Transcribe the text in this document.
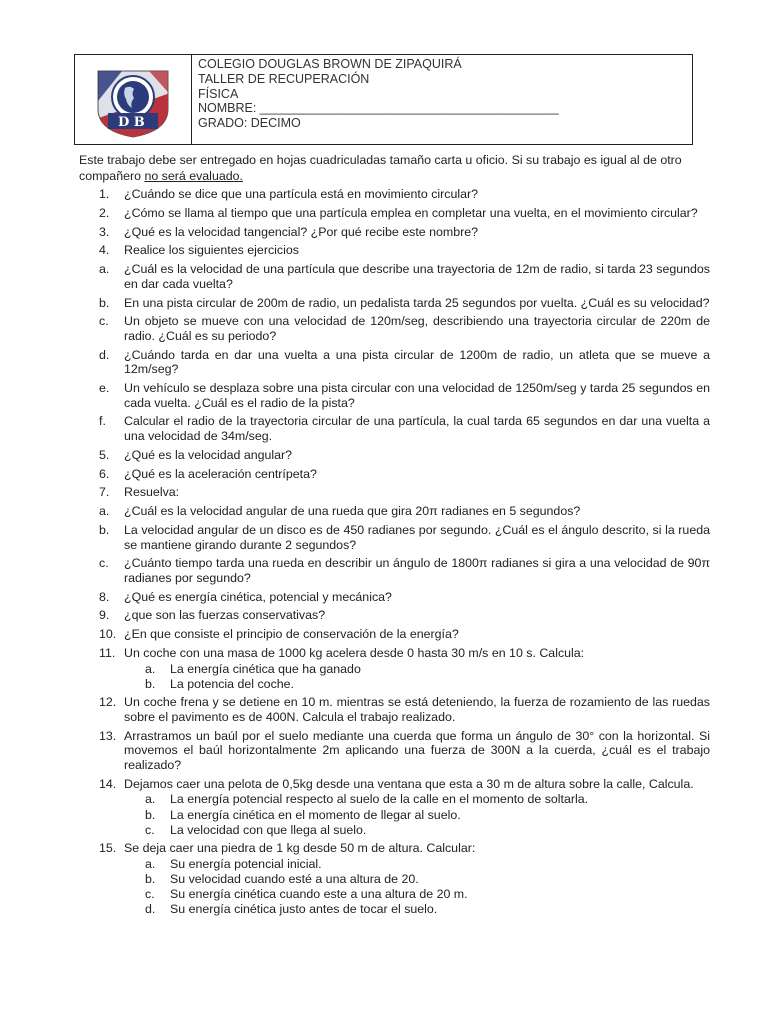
D B
COLEGIO DOUGLAS BROWN DE ZIPAQUIRÁ
TALLER DE RECUPERACIÓN
FÍSICA
NOMBRE: ___________________________________________
GRADO: DECIMO
Este trabajo debe ser entregado en hojas cuadriculadas tamaño carta u oficio. Si su trabajo es igual al de otro compañero no será evaluado.
1.	¿Cuándo se dice que una partícula está en movimiento circular?
2.	¿Cómo se llama al tiempo que una partícula emplea en completar una vuelta, en el movimiento circular?
3.	¿Qué es la velocidad tangencial? ¿Por qué recibe este nombre?
4.	Realice los siguientes ejercicios
a.	¿Cuál es la velocidad de una partícula que describe una trayectoria de 12m de radio, si tarda 23 segundos en dar cada vuelta?
b.	En una pista circular de 200m de radio, un pedalista tarda 25 segundos por vuelta. ¿Cuál es su velocidad?
c.	Un objeto se mueve con una velocidad de 120m/seg, describiendo una trayectoria circular de 220m de radio. ¿Cuál es su periodo?
d.	¿Cuándo tarda en dar una vuelta a una pista circular de 1200m de radio, un atleta que se mueve a 12m/seg?
e.	Un vehículo se desplaza sobre una pista circular con una velocidad de 1250m/seg y tarda 25 segundos en cada vuelta. ¿Cuál es el radio de la pista?
f.	Calcular el radio de la trayectoria circular de una partícula, la cual tarda 65 segundos en dar una vuelta a una velocidad de 34m/seg.
5.	¿Qué es la velocidad angular?
6.	¿Qué es la aceleración centrípeta?
7.	Resuelva:
a.	¿Cuál es la velocidad angular de una rueda que gira 20π radianes en 5 segundos?
b.	La velocidad angular de un disco es de 450 radianes por segundo. ¿Cuál es el ángulo descrito, si la rueda se mantiene girando durante 2 segundos?
c.	¿Cuánto tiempo tarda una rueda en describir un ángulo de 1800π radianes si gira a una velocidad de 90π radianes por segundo?
8.	¿Qué es energía cinética, potencial y mecánica?
9.	¿que son las fuerzas conservativas?
10. ¿En que consiste el principio de conservación de la energía?
11. Un coche con una masa de 1000 kg acelera desde 0 hasta 30 m/s en 10 s. Calcula:
a.	La energía cinética que ha ganado
b.	La potencia del coche.
12. Un coche frena y se detiene en 10 m. mientras se está deteniendo, la fuerza de rozamiento de las ruedas sobre el pavimento es de 400N. Calcula el trabajo realizado.
13. Arrastramos un baúl por el suelo mediante una cuerda que forma un ángulo de 30° con la horizontal. Si movemos el baúl horizontalmente 2m aplicando una fuerza de 300N a la cuerda, ¿cuál es el trabajo realizado?
14. Dejamos caer una pelota de 0,5kg desde una ventana que esta a 30 m de altura sobre la calle, Calcula.
a.	La energía potencial respecto al suelo de la calle en el momento de soltarla.
b.	La energía cinética en el momento de llegar al suelo.
c.	La velocidad con que llega al suelo.
15. Se deja caer una piedra de 1 kg desde 50 m de altura. Calcular:
a.	Su energía potencial inicial.
b.	Su velocidad cuando esté a una altura de 20.
c.	Su energía cinética cuando este a una altura de 20 m.
d.	Su energía cinética justo antes de tocar el suelo.
